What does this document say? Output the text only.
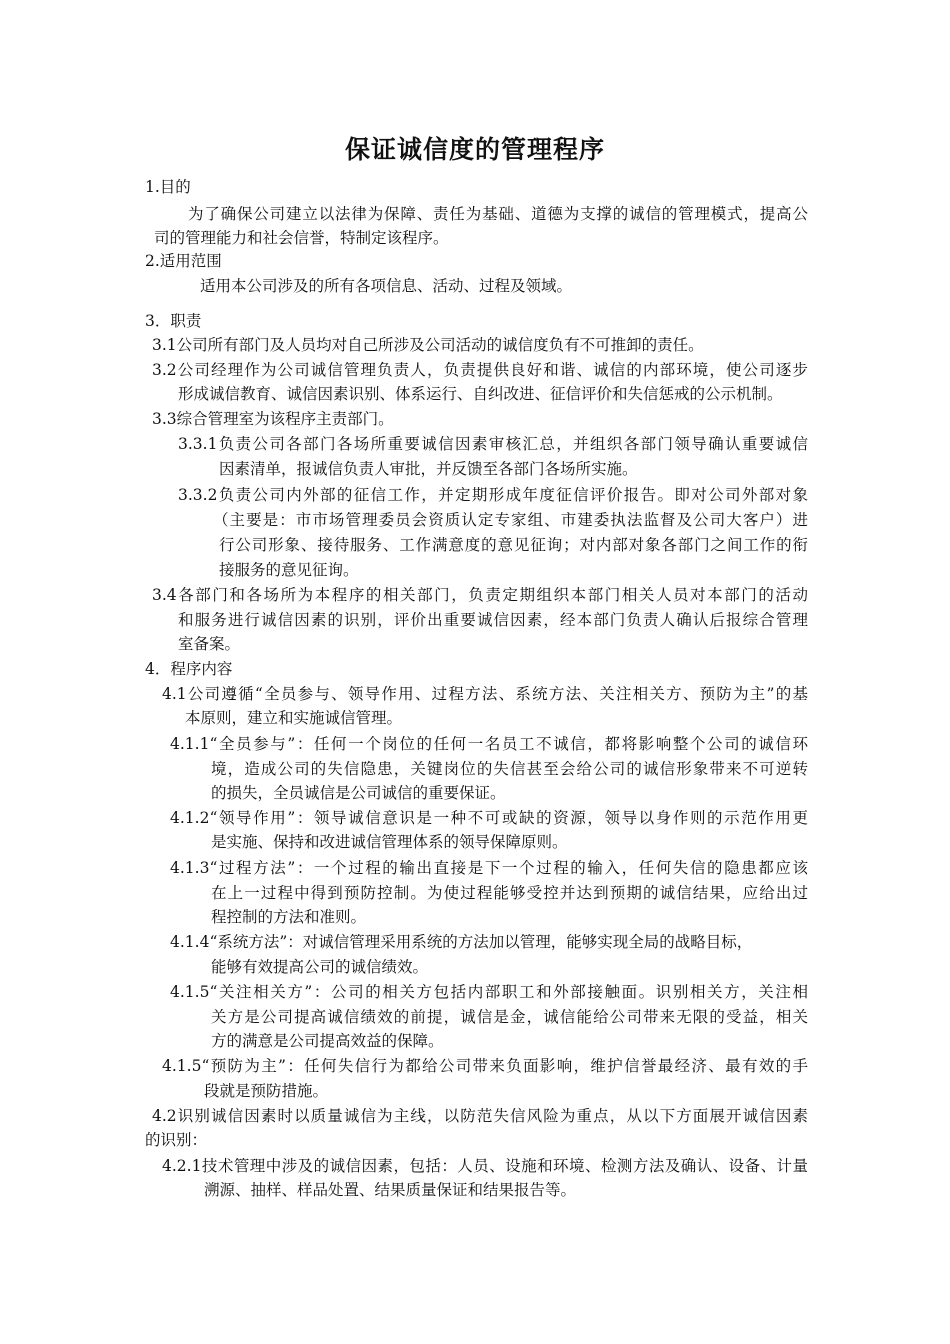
保证诚信度的管理程序
1.目的
为了确保公司建立以法律为保障、责任为基础、道德为支撑的诚信的管理模式，提高公
司的管理能力和社会信誉，特制定该程序。
2.适用范围
适用本公司涉及的所有各项信息、活动、过程及领域。
3．职责
3.1公司所有部门及人员均对自己所涉及公司活动的诚信度负有不可推卸的责任。
3.2公司经理作为公司诚信管理负责人，负责提供良好和谐、诚信的内部环境，使公司逐步
形成诚信教育、诚信因素识别、体系运行、自纠改进、征信评价和失信惩戒的公示机制。
3.3综合管理室为该程序主责部门。
3.3.1负责公司各部门各场所重要诚信因素审核汇总，并组织各部门领导确认重要诚信
因素清单，报诚信负责人审批，并反馈至各部门各场所实施。
3.3.2负责公司内外部的征信工作，并定期形成年度征信评价报告。即对公司外部对象
（主要是：市市场管理委员会资质认定专家组、市建委执法监督及公司大客户）进
行公司形象、接待服务、工作满意度的意见征询；对内部对象各部门之间工作的衔
接服务的意见征询。
3.4各部门和各场所为本程序的相关部门，负责定期组织本部门相关人员对本部门的活动
和服务进行诚信因素的识别，评价出重要诚信因素，经本部门负责人确认后报综合管理
室备案。
4．程序内容
4.1公司遵循“全员参与、领导作用、过程方法、系统方法、关注相关方、预防为主”的基
本原则，建立和实施诚信管理。
4.1.1“全员参与”：任何一个岗位的任何一名员工不诚信，都将影响整个公司的诚信环
境，造成公司的失信隐患，关键岗位的失信甚至会给公司的诚信形象带来不可逆转
的损失，全员诚信是公司诚信的重要保证。
4.1.2“领导作用”：领导诚信意识是一种不可或缺的资源，领导以身作则的示范作用更
是实施、保持和改进诚信管理体系的领导保障原则。
4.1.3“过程方法”：一个过程的输出直接是下一个过程的输入，任何失信的隐患都应该
在上一过程中得到预防控制。为使过程能够受控并达到预期的诚信结果，应给出过
程控制的方法和准则。
4.1.4“系统方法”：对诚信管理采用系统的方法加以管理，能够实现全局的战略目标，
能够有效提高公司的诚信绩效。
4.1.5“关注相关方”：公司的相关方包括内部职工和外部接触面。识别相关方，关注相
关方是公司提高诚信绩效的前提，诚信是金，诚信能给公司带来无限的受益，相关
方的满意是公司提高效益的保障。
4.1.5“预防为主”：任何失信行为都给公司带来负面影响，维护信誉最经济、最有效的手
段就是预防措施。
4.2识别诚信因素时以质量诚信为主线，以防范失信风险为重点，从以下方面展开诚信因素
的识别：
4.2.1技术管理中涉及的诚信因素，包括：人员、设施和环境、检测方法及确认、设备、计量
溯源、抽样、样品处置、结果质量保证和结果报告等。
